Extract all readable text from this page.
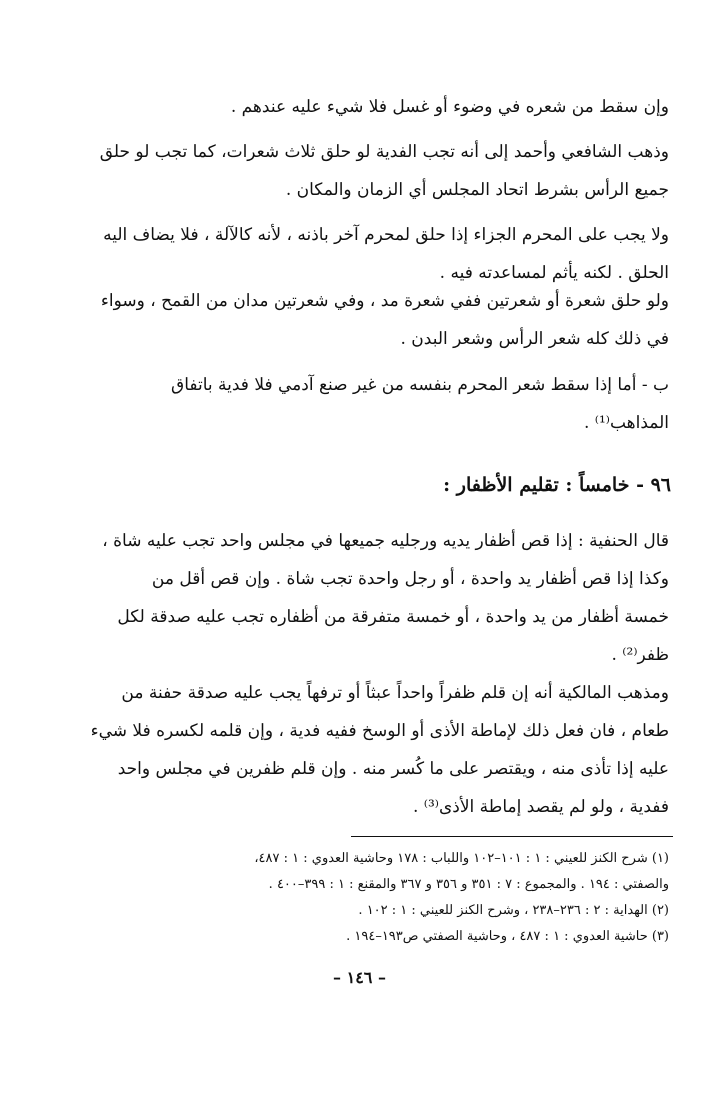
وإن سقط من شعره في وضوء أو غسل فلا شيء عليه عندهم .
وذهب الشافعي وأحمد إلى أنه تجب الفدية لو حلق ثلاث شعرات، كما تجب لو حلق
جميع الرأس بشرط اتحاد المجلس أي الزمان والمكان .
ولا يجب على المحرم الجزاء إذا حلق لمحرم آخر باذنه ، لأنه كالآلة ، فلا يضاف اليه
الحلق . لكنه يأثم لمساعدته فيه .
ولو حلق شعرة أو شعرتين ففي شعرة مد ، وفي شعرتين مدان من القمح ، وسواء
في ذلك كله شعر الرأس وشعر البدن .
ب - أما إذا سقط شعر المحرم بنفسه من غير صنع آدمي فلا فدية باتفاق
المذاهب⁽¹⁾ .
٩٦ - خامساً : تقليم الأظفار :
قال الحنفية : إذا قص أظفار يديه ورجليه جميعها في مجلس واحد تجب عليه شاة ،
وكذا إذا قص أظفار يد واحدة ، أو رجل واحدة تجب شاة . وإن قص أقل من
خمسة أظفار من يد واحدة ، أو خمسة متفرقة من أظفاره تجب عليه صدقة لكل
ظفر⁽²⁾ .
ومذهب المالكية أنه إن قلم ظفراً واحداً عبثاً أو ترفهاً يجب عليه صدقة حفنة من
طعام ، فان فعل ذلك لإماطة الأذى أو الوسخ ففيه فدية ، وإن قلمه لكسره فلا شيء
عليه إذا تأذى منه ، ويقتصر على ما كُسر منه . وإن قلم ظفرين في مجلس واحد
ففدية ، ولو لم يقصد إماطة الأذى⁽³⁾ .
(١) شرح الكنز للعيني : ١ : ١٠١–١٠٢ واللباب : ١٧٨ وحاشية العدوي : ١ : ٤٨٧،
والصفتي : ١٩٤ . والمجموع : ٧ : ٣٥١ و ٣٥٦ و ٣٦٧ والمقنع : ١ : ٣٩٩–٤٠٠ .
(٢) الهداية : ٢ : ٢٣٦–٢٣٨ ، وشرح الكنز للعيني : ١ : ١٠٢ .
(٣) حاشية العدوي : ١ : ٤٨٧ ، وحاشية الصفتي ص١٩٣–١٩٤ .
– ١٤٦ –
